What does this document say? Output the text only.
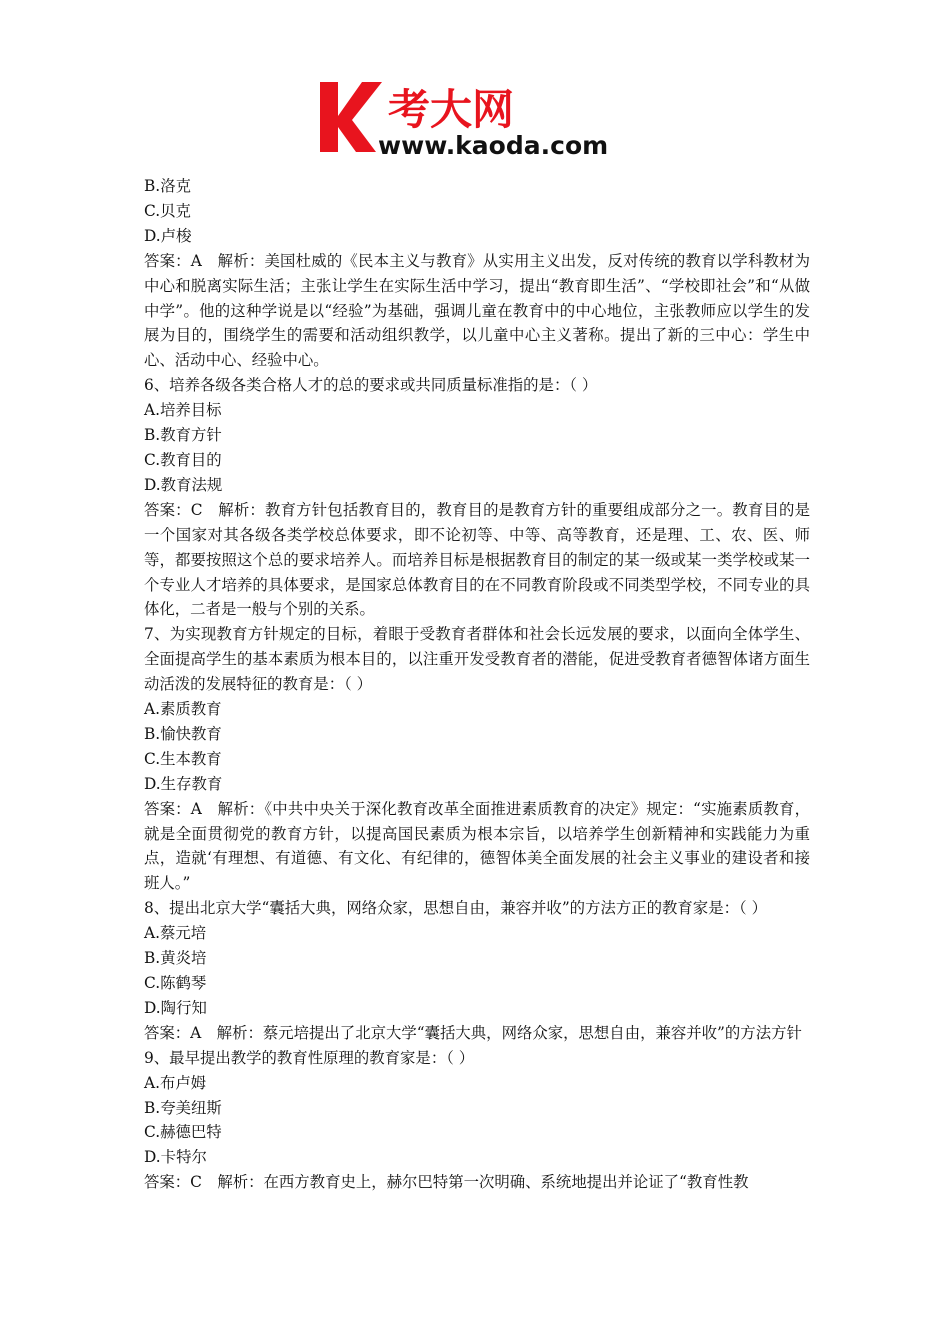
考大网
www.kaoda.com

B.洛克

C.贝克

D.卢梭

答案：A　解析：美国杜威的《民本主义与教育》从实用主义出发，反对传统的教育以学科教材为中心和脱离实际生活；主张让学生在实际生活中学习，提出“教育即生活”、“学校即社会”和“从做中学”。他的这种学说是以“经验”为基础，强调儿童在教育中的中心地位，主张教师应以学生的发展为目的，围绕学生的需要和活动组织教学，以儿童中心主义著称。提出了新的三中心：学生中心、活动中心、经验中心。

6、培养各级各类合格人才的总的要求或共同质量标准指的是：（ ）

A.培养目标

B.教育方针

C.教育目的

D.教育法规

答案：C　解析：教育方针包括教育目的，教育目的是教育方针的重要组成部分之一。教育目的是一个国家对其各级各类学校总体要求，即不论初等、中等、高等教育，还是理、工、农、医、师等，都要按照这个总的要求培养人。而培养目标是根据教育目的制定的某一级或某一类学校或某一个专业人才培养的具体要求，是国家总体教育目的在不同教育阶段或不同类型学校，不同专业的具体化，二者是一般与个别的关系。

7、为实现教育方针规定的目标，着眼于受教育者群体和社会长远发展的要求，以面向全体学生、全面提高学生的基本素质为根本目的，以注重开发受教育者的潜能，促进受教育者德智体诸方面生动活泼的发展特征的教育是：（ ）

A.素质教育

B.愉快教育

C.生本教育

D.生存教育

答案：A　解析：《中共中央关于深化教育改革全面推进素质教育的决定》规定：“实施素质教育，就是全面贯彻党的教育方针，以提高国民素质为根本宗旨，以培养学生创新精神和实践能力为重点，造就‘有理想、有道德、有文化、有纪律的，德智体美全面发展的社会主义事业的建设者和接班人。”

8、提出北京大学“囊括大典，网络众家，思想自由，兼容并收”的方法方正的教育家是：（ ）

A.蔡元培

B.黄炎培

C.陈鹤琴

D.陶行知

答案：A　解析：蔡元培提出了北京大学“囊括大典，网络众家，思想自由，兼容并收”的方法方针

9、最早提出教学的教育性原理的教育家是：（ ）

A.布卢姆

B.夸美纽斯

C.赫德巴特

D.卡特尔

答案：C　解析：在西方教育史上，赫尔巴特第一次明确、系统地提出并论证了“教育性教
